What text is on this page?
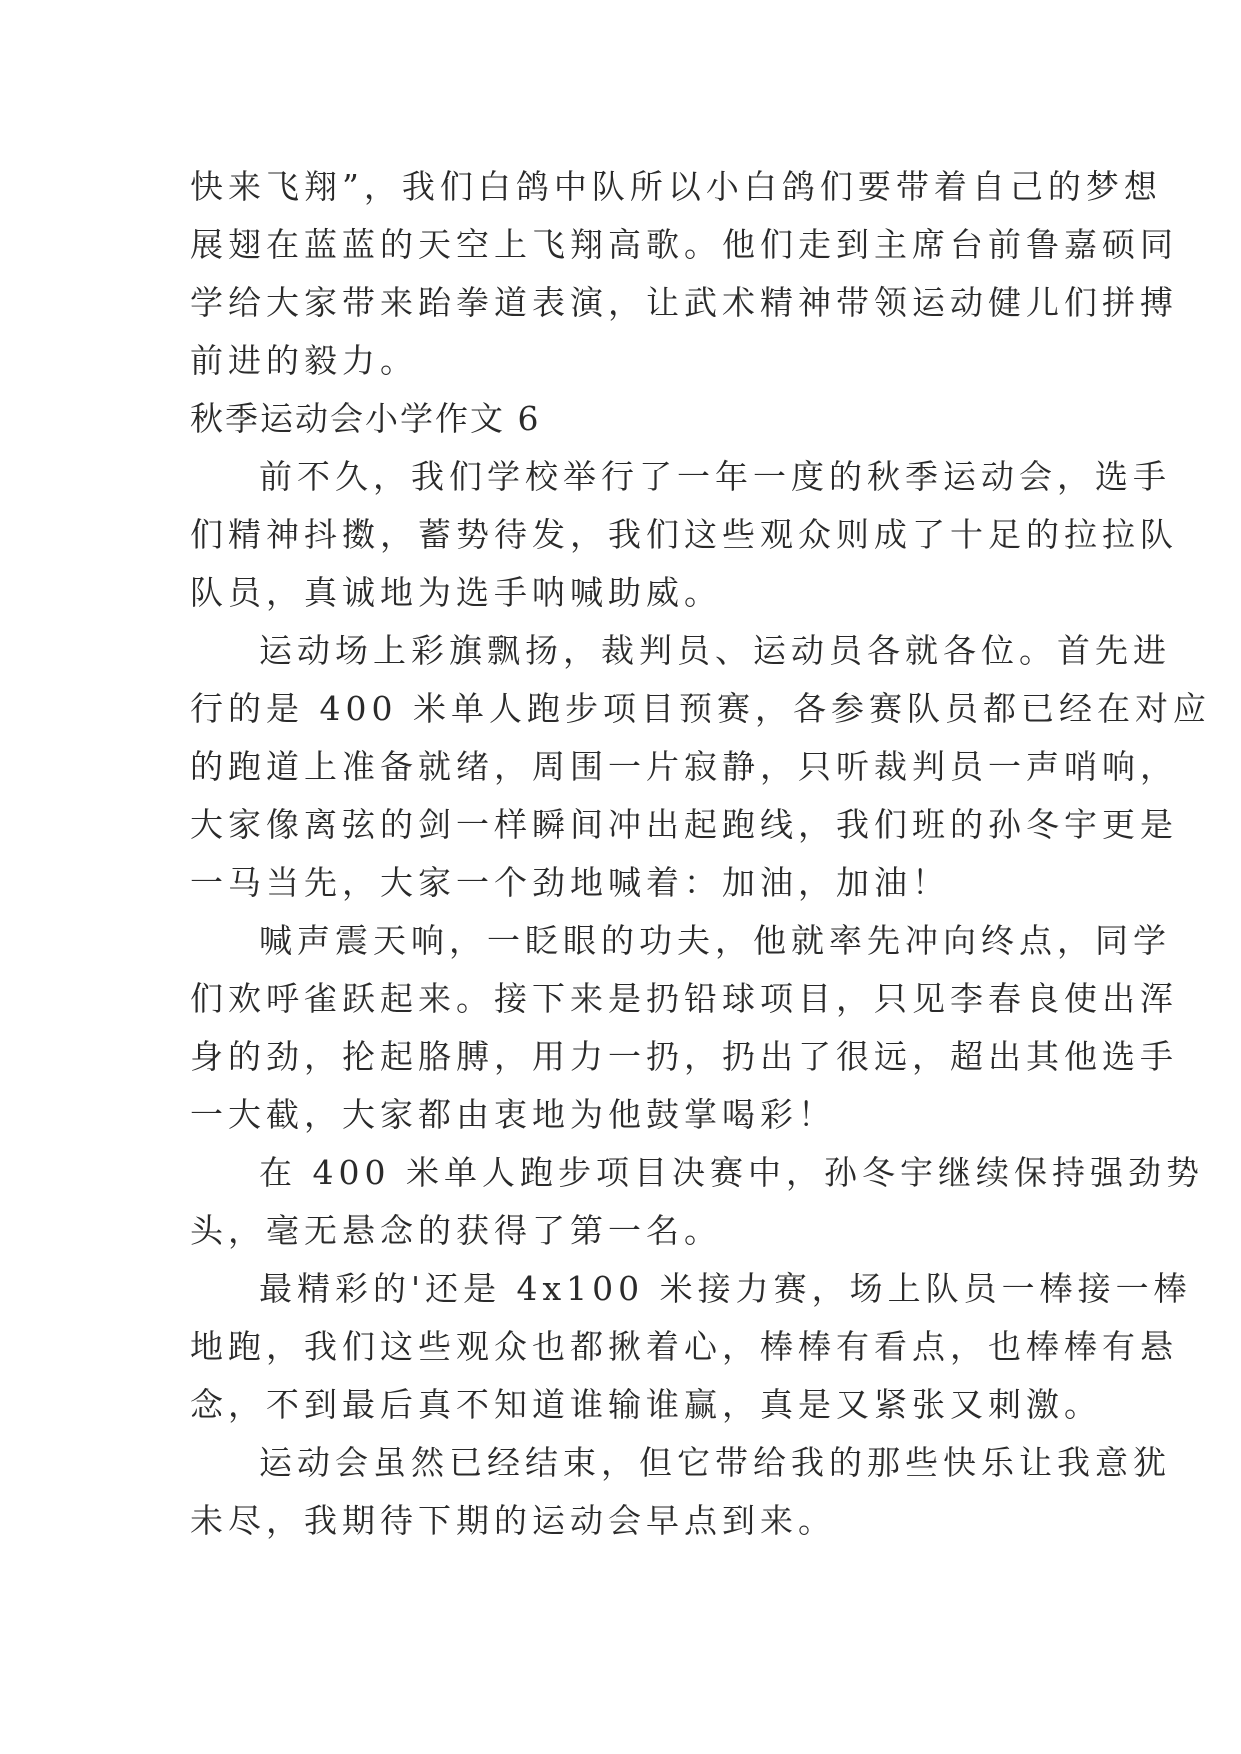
快来飞翔”，我们白鸽中队所以小白鸽们要带着自己的梦想
展翅在蓝蓝的天空上飞翔高歌。他们走到主席台前鲁嘉硕同
学给大家带来跆拳道表演，让武术精神带领运动健儿们拼搏
前进的毅力。
秋季运动会小学作文 6
前不久，我们学校举行了一年一度的秋季运动会，选手
们精神抖擞，蓄势待发，我们这些观众则成了十足的拉拉队
队员，真诚地为选手呐喊助威。
运动场上彩旗飘扬，裁判员、运动员各就各位。首先进
行的是 400 米单人跑步项目预赛，各参赛队员都已经在对应
的跑道上准备就绪，周围一片寂静，只听裁判员一声哨响，
大家像离弦的剑一样瞬间冲出起跑线，我们班的孙冬宇更是
一马当先，大家一个劲地喊着：加油，加油！
喊声震天响，一眨眼的功夫，他就率先冲向终点，同学
们欢呼雀跃起来。接下来是扔铅球项目，只见李春良使出浑
身的劲，抡起胳膊，用力一扔，扔出了很远，超出其他选手
一大截，大家都由衷地为他鼓掌喝彩！
在 400 米单人跑步项目决赛中，孙冬宇继续保持强劲势
头，毫无悬念的获得了第一名。
最精彩的'还是 4x100 米接力赛，场上队员一棒接一棒
地跑，我们这些观众也都揪着心，棒棒有看点，也棒棒有悬
念，不到最后真不知道谁输谁赢，真是又紧张又刺激。
运动会虽然已经结束，但它带给我的那些快乐让我意犹
未尽，我期待下期的运动会早点到来。
